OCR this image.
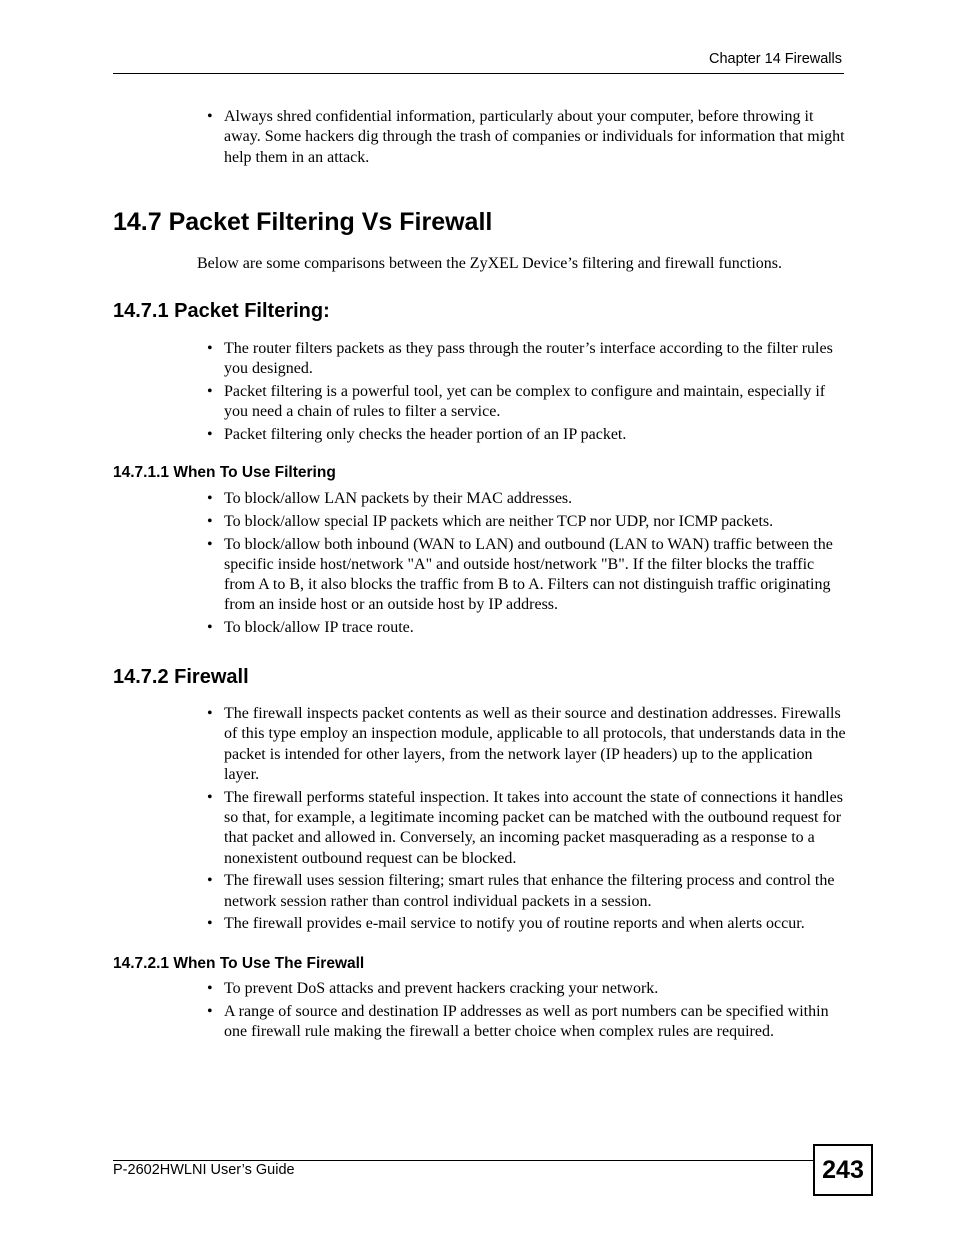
Chapter 14 Firewalls
• Always shred confidential information, particularly about your computer, before throwing it away. Some hackers dig through the trash of companies or individuals for information that might help them in an attack.
14.7 Packet Filtering Vs Firewall
Below are some comparisons between the ZyXEL Device’s filtering and firewall functions.
14.7.1 Packet Filtering:
• The router filters packets as they pass through the router’s interface according to the filter rules you designed.
• Packet filtering is a powerful tool, yet can be complex to configure and maintain, especially if you need a chain of rules to filter a service.
• Packet filtering only checks the header portion of an IP packet.
14.7.1.1 When To Use Filtering
• To block/allow LAN packets by their MAC addresses.
• To block/allow special IP packets which are neither TCP nor UDP, nor ICMP packets.
• To block/allow both inbound (WAN to LAN) and outbound (LAN to WAN) traffic between the specific inside host/network "A" and outside host/network "B". If the filter blocks the traffic from A to B, it also blocks the traffic from B to A. Filters can not distinguish traffic originating from an inside host or an outside host by IP address.
• To block/allow IP trace route.
14.7.2 Firewall
• The firewall inspects packet contents as well as their source and destination addresses. Firewalls of this type employ an inspection module, applicable to all protocols, that understands data in the packet is intended for other layers, from the network layer (IP headers) up to the application layer.
• The firewall performs stateful inspection. It takes into account the state of connections it handles so that, for example, a legitimate incoming packet can be matched with the outbound request for that packet and allowed in. Conversely, an incoming packet masquerading as a response to a nonexistent outbound request can be blocked.
• The firewall uses session filtering; smart rules that enhance the filtering process and control the network session rather than control individual packets in a session.
• The firewall provides e-mail service to notify you of routine reports and when alerts occur.
14.7.2.1 When To Use The Firewall
• To prevent DoS attacks and prevent hackers cracking your network.
• A range of source and destination IP addresses as well as port numbers can be specified within one firewall rule making the firewall a better choice when complex rules are required.
P-2602HWLNI User’s Guide	243
